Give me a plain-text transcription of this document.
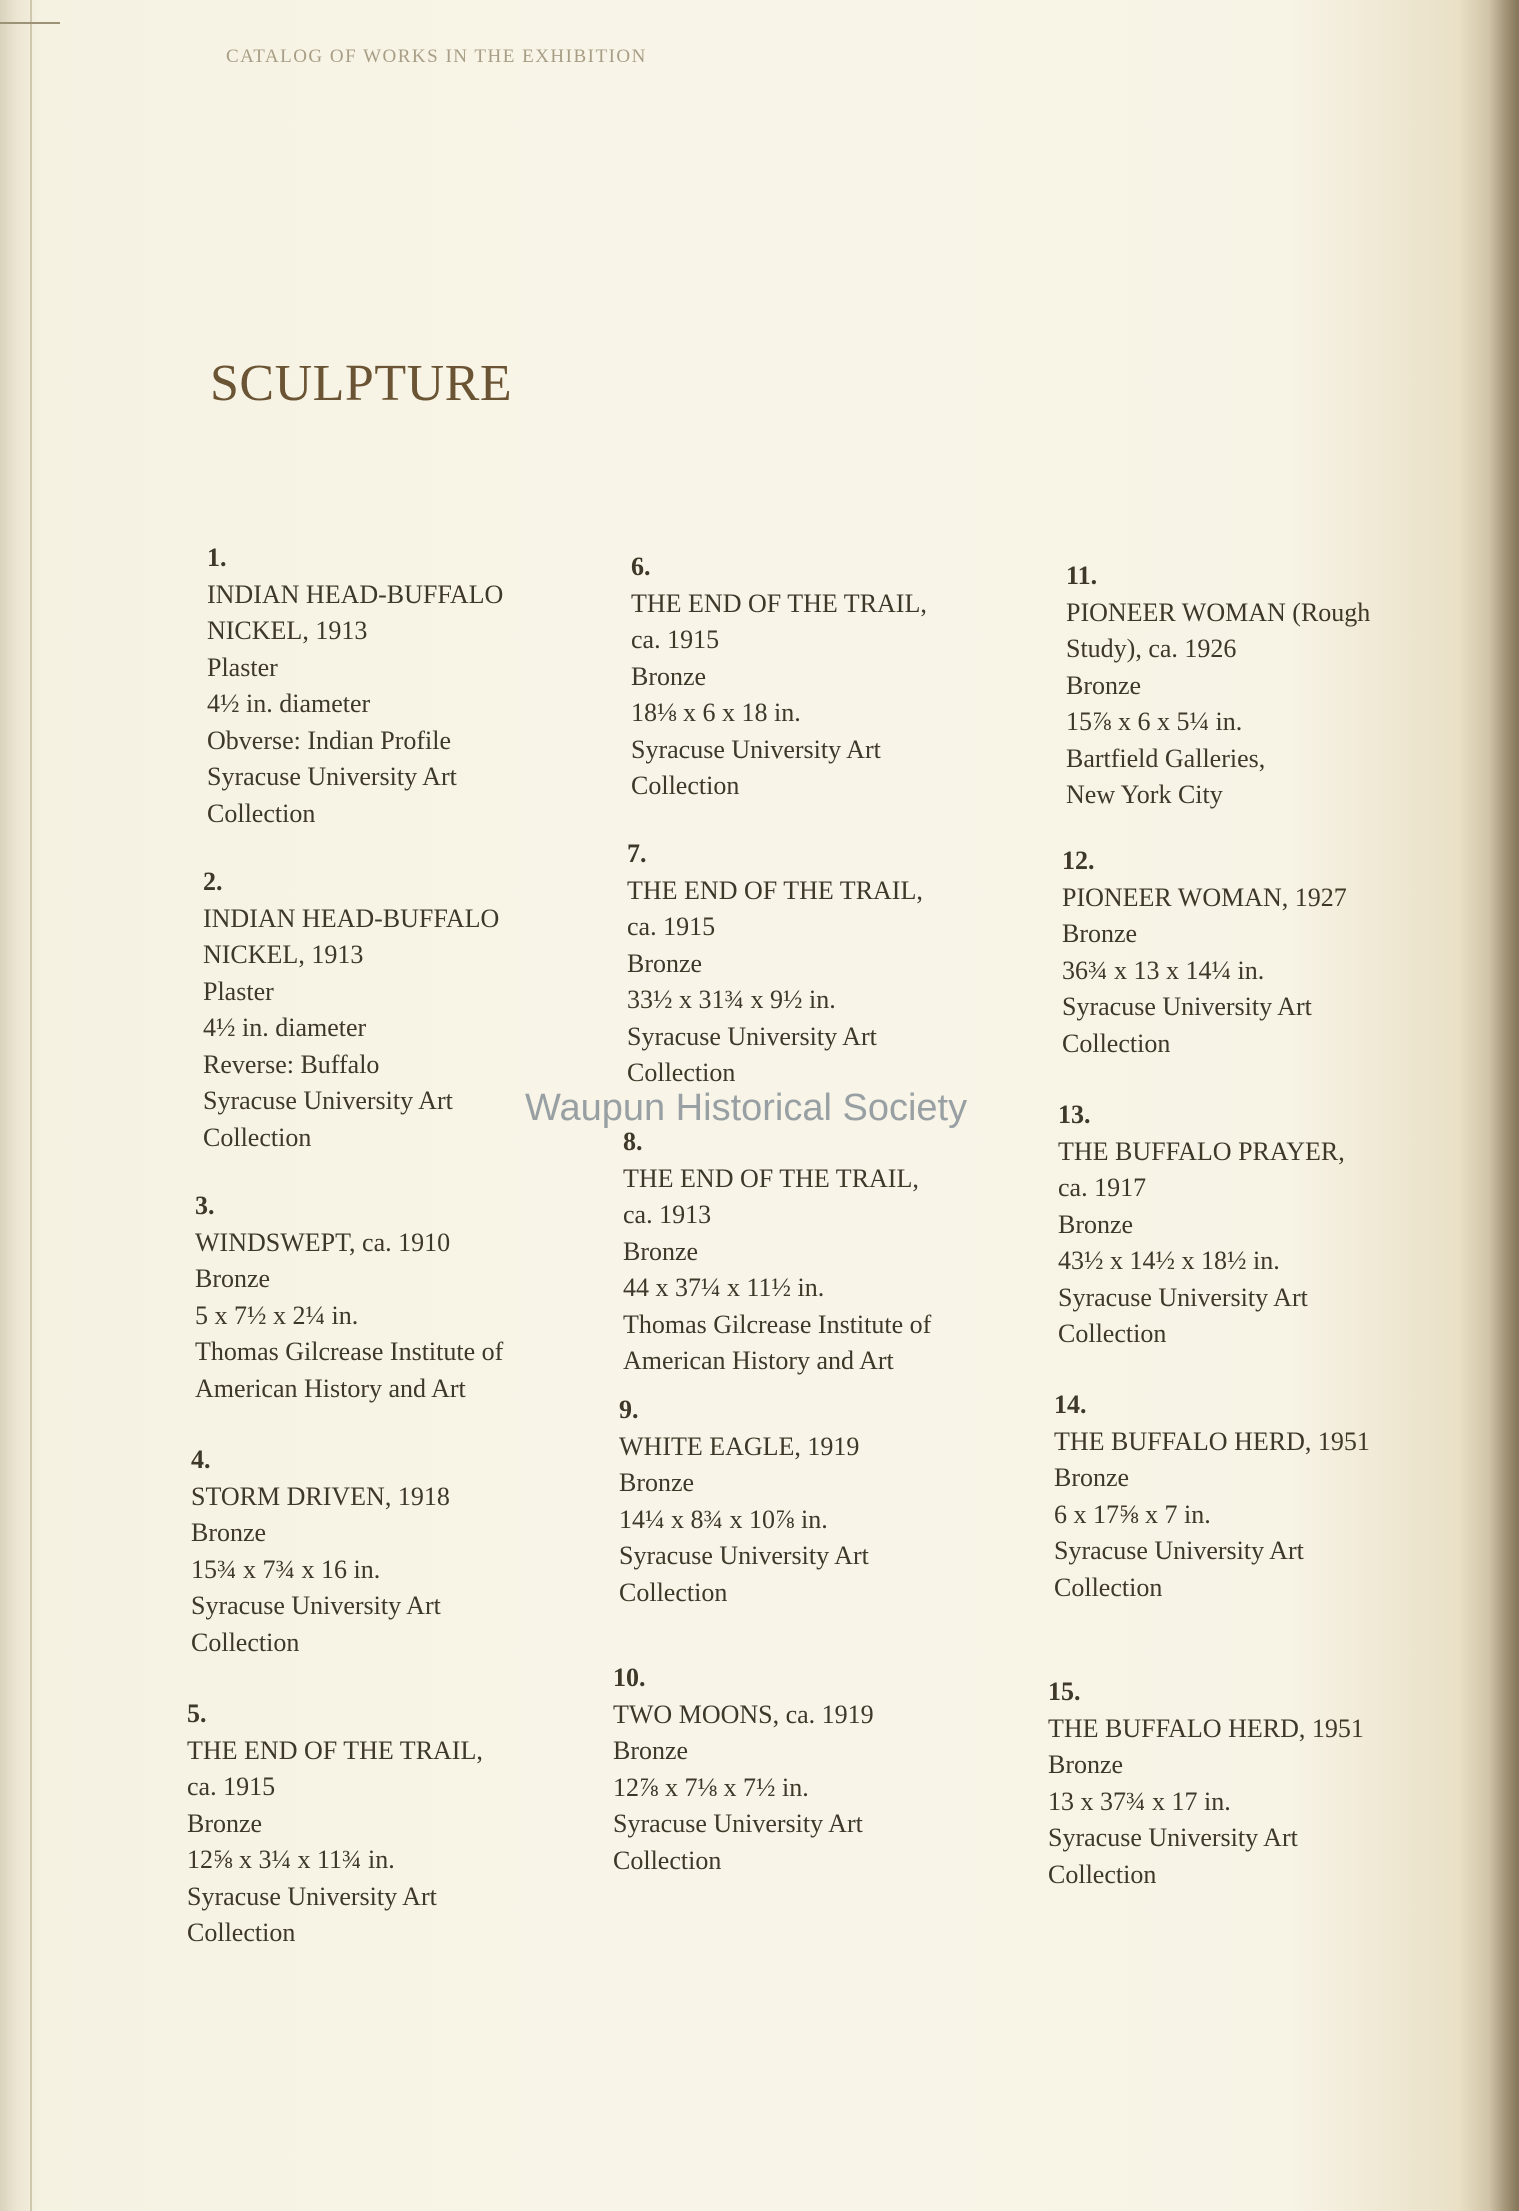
CATALOG OF WORKS IN THE EXHIBITION
SCULPTURE
1.
INDIAN HEAD-BUFFALO
NICKEL, 1913
Plaster
4½ in. diameter
Obverse: Indian Profile
Syracuse University Art
Collection
2.
INDIAN HEAD-BUFFALO
NICKEL, 1913
Plaster
4½ in. diameter
Reverse: Buffalo
Syracuse University Art
Collection
3.
WINDSWEPT, ca. 1910
Bronze
5 x 7½ x 2¼ in.
Thomas Gilcrease Institute of
American History and Art
4.
STORM DRIVEN, 1918
Bronze
15¾ x 7¾ x 16 in.
Syracuse University Art
Collection
5.
THE END OF THE TRAIL,
ca. 1915
Bronze
12⅝ x 3¼ x 11¾ in.
Syracuse University Art
Collection
6.
THE END OF THE TRAIL,
ca. 1915
Bronze
18⅛ x 6 x 18 in.
Syracuse University Art
Collection
7.
THE END OF THE TRAIL,
ca. 1915
Bronze
33½ x 31¾ x 9½ in.
Syracuse University Art
Collection
8.
THE END OF THE TRAIL,
ca. 1913
Bronze
44 x 37¼ x 11½ in.
Thomas Gilcrease Institute of
American History and Art
9.
WHITE EAGLE, 1919
Bronze
14¼ x 8¾ x 10⅞ in.
Syracuse University Art
Collection
10.
TWO MOONS, ca. 1919
Bronze
12⅞ x 7⅛ x 7½ in.
Syracuse University Art
Collection
11.
PIONEER WOMAN (Rough
Study), ca. 1926
Bronze
15⅞ x 6 x 5¼ in.
Bartfield Galleries,
New York City
12.
PIONEER WOMAN, 1927
Bronze
36¾ x 13 x 14¼ in.
Syracuse University Art
Collection
13.
THE BUFFALO PRAYER,
ca. 1917
Bronze
43½ x 14½ x 18½ in.
Syracuse University Art
Collection
14.
THE BUFFALO HERD, 1951
Bronze
6 x 17⅝ x 7 in.
Syracuse University Art
Collection
15.
THE BUFFALO HERD, 1951
Bronze
13 x 37¾ x 17 in.
Syracuse University Art
Collection
Waupun Historical Society
